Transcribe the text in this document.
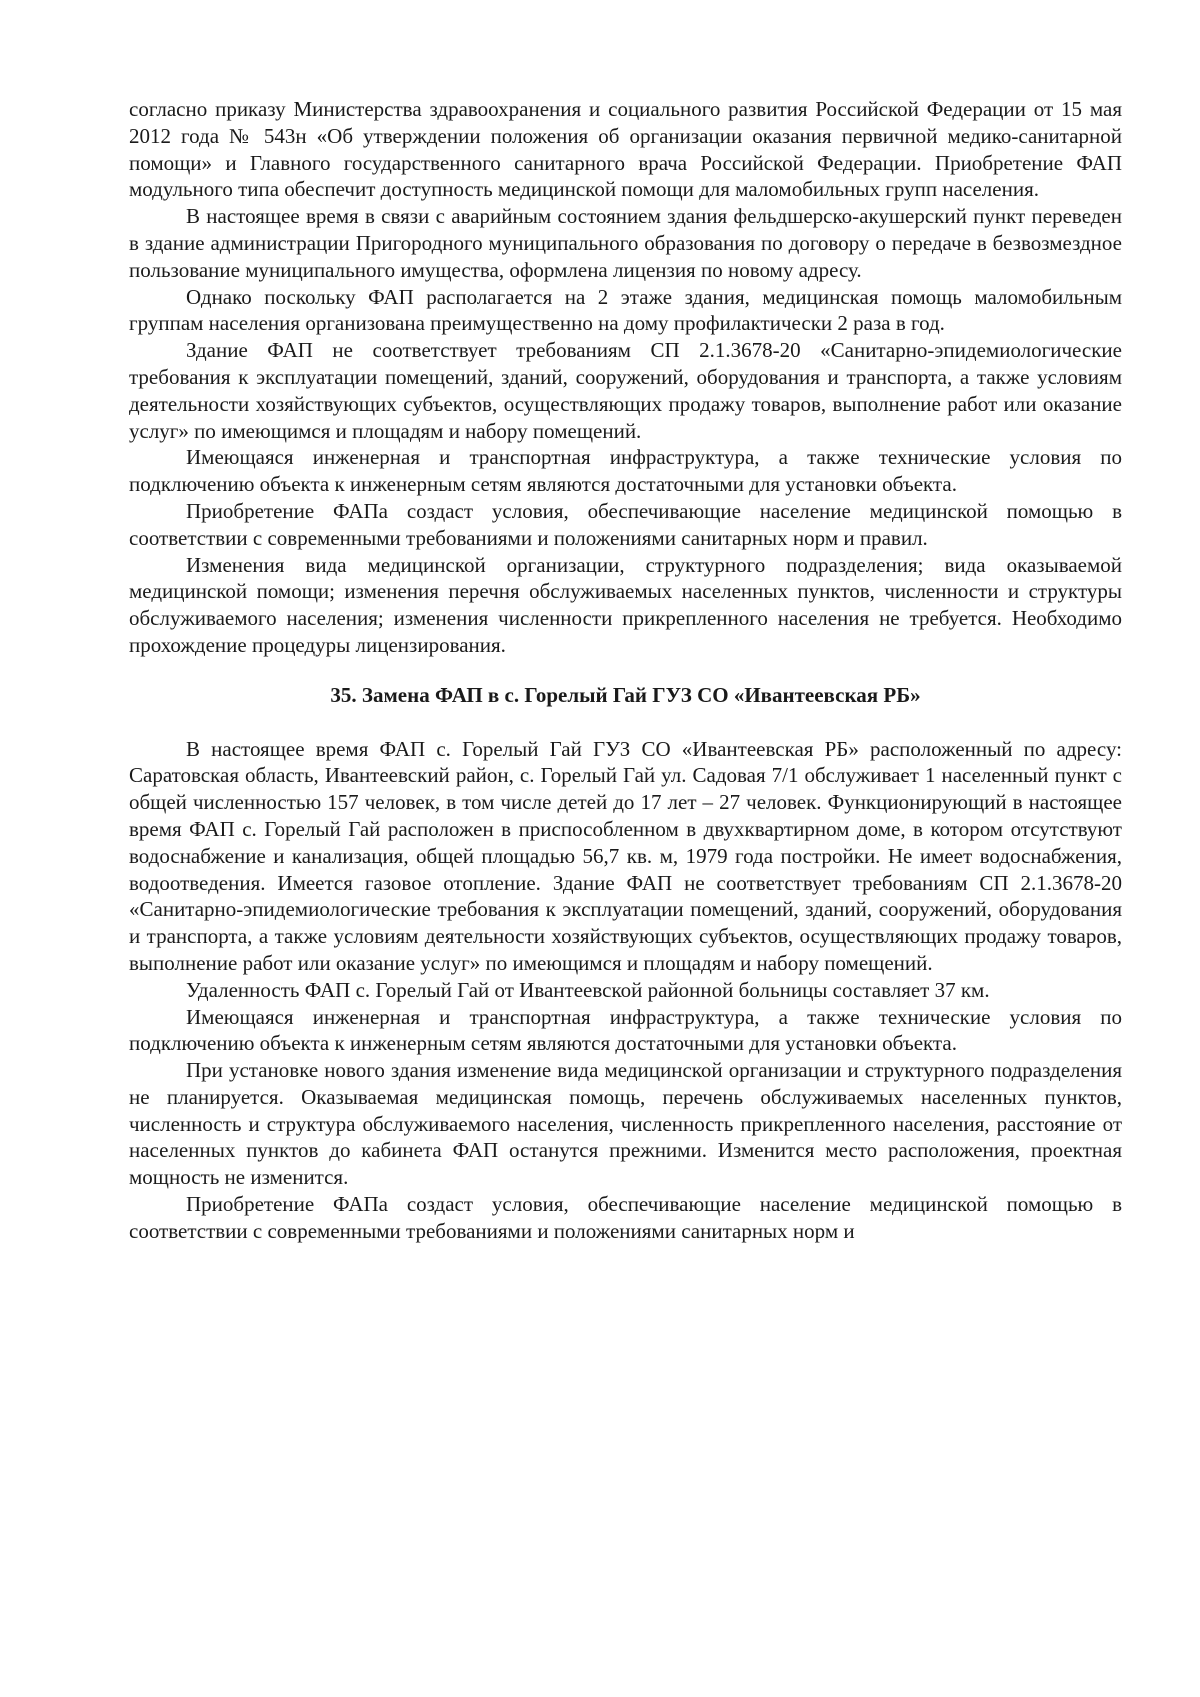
согласно приказу Министерства здравоохранения и социального развития Российской Федерации от 15 мая 2012 года № 543н «Об утверждении положения об организации оказания первичной медико-санитарной помощи» и Главного государственного санитарного врача Российской Федерации. Приобретение ФАП модульного типа обеспечит доступность медицинской помощи для маломобильных групп населения.

В настоящее время в связи с аварийным состоянием здания фельдшерско-акушерский пункт переведен в здание администрации Пригородного муниципального образования по договору о передаче в безвозмездное пользование муниципального имущества, оформлена лицензия по новому адресу.

Однако поскольку ФАП располагается на 2 этаже здания, медицинская помощь маломобильным группам населения организована преимущественно на дому профилактически 2 раза в год.

Здание ФАП не соответствует требованиям СП 2.1.3678-20 «Санитарно-эпидемиологические требования к эксплуатации помещений, зданий, сооружений, оборудования и транспорта, а также условиям деятельности хозяйствующих субъектов, осуществляющих продажу товаров, выполнение работ или оказание услуг» по имеющимся и площадям и набору помещений.

Имеющаяся инженерная и транспортная инфраструктура, а также технические условия по подключению объекта к инженерным сетям являются достаточными для установки объекта.

Приобретение ФАПа создаст условия, обеспечивающие население медицинской помощью в соответствии с современными требованиями и положениями санитарных норм и правил.

Изменения вида медицинской организации, структурного подразделения; вида оказываемой медицинской помощи; изменения перечня обслуживаемых населенных пунктов, численности и структуры обслуживаемого населения; изменения численности прикрепленного населения не требуется. Необходимо прохождение процедуры лицензирования.

35. Замена ФАП в с. Горелый Гай ГУЗ СО «Ивантеевская РБ»

В настоящее время ФАП с. Горелый Гай ГУЗ СО «Ивантеевская РБ» расположенный по адресу: Саратовская область, Ивантеевский район, с. Горелый Гай ул. Садовая 7/1 обслуживает 1 населенный пункт с общей численностью 157 человек, в том числе детей до 17 лет – 27 человек. Функционирующий в настоящее время ФАП с. Горелый Гай расположен в приспособленном в двухквартирном доме, в котором отсутствуют водоснабжение и канализация, общей площадью 56,7 кв. м, 1979 года постройки. Не имеет водоснабжения, водоотведения. Имеется газовое отопление. Здание ФАП не соответствует требованиям СП 2.1.3678-20 «Санитарно-эпидемиологические требования к эксплуатации помещений, зданий, сооружений, оборудования и транспорта, а также условиям деятельности хозяйствующих субъектов, осуществляющих продажу товаров, выполнение работ или оказание услуг» по имеющимся и площадям и набору помещений.

Удаленность ФАП с. Горелый Гай от Ивантеевской районной больницы составляет 37 км.

Имеющаяся инженерная и транспортная инфраструктура, а также технические условия по подключению объекта к инженерным сетям являются достаточными для установки объекта.

При установке нового здания изменение вида медицинской организации и структурного подразделения не планируется. Оказываемая медицинская помощь, перечень обслуживаемых населенных пунктов, численность и структура обслуживаемого населения, численность прикрепленного населения, расстояние от населенных пунктов до кабинета ФАП останутся прежними. Изменится место расположения, проектная мощность не изменится.

Приобретение ФАПа создаст условия, обеспечивающие население медицинской помощью в соответствии с современными требованиями и положениями санитарных норм и
